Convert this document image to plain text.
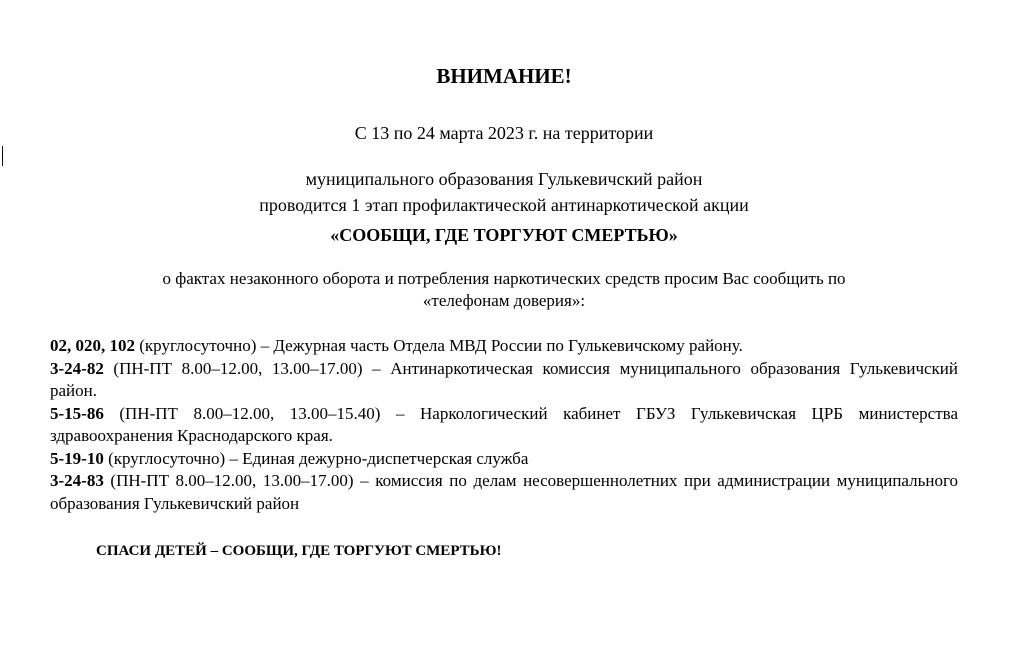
ВНИМАНИЕ!
С 13 по 24 марта 2023 г. на территории
муниципального образования Гулькевичский район
проводится 1 этап профилактической антинаркотической акции
«СООБЩИ, ГДЕ ТОРГУЮТ СМЕРТЬЮ»
о фактах незаконного оборота и потребления наркотических средств просим Вас сообщить по
«телефонам доверия»:

02, 020, 102 (круглосуточно) – Дежурная часть Отдела МВД России по Гулькевичскому району.

3-24-82 (ПН-ПТ 8.00–12.00, 13.00–17.00) – Антинаркотическая комиссия муниципального образования Гулькевичский район.

5-15-86 (ПН-ПТ 8.00–12.00, 13.00–15.40) – Наркологический кабинет ГБУЗ Гулькевичская ЦРБ министерства здравоохранения Краснодарского края.

5-19-10 (круглосуточно) – Единая дежурно-диспетчерская служба

3-24-83 (ПН-ПТ 8.00–12.00, 13.00–17.00) – комиссия по делам несовершеннолетних при администрации муниципального образования Гулькевичский район

СПАСИ ДЕТЕЙ – СООБЩИ, ГДЕ ТОРГУЮТ СМЕРТЬЮ!
